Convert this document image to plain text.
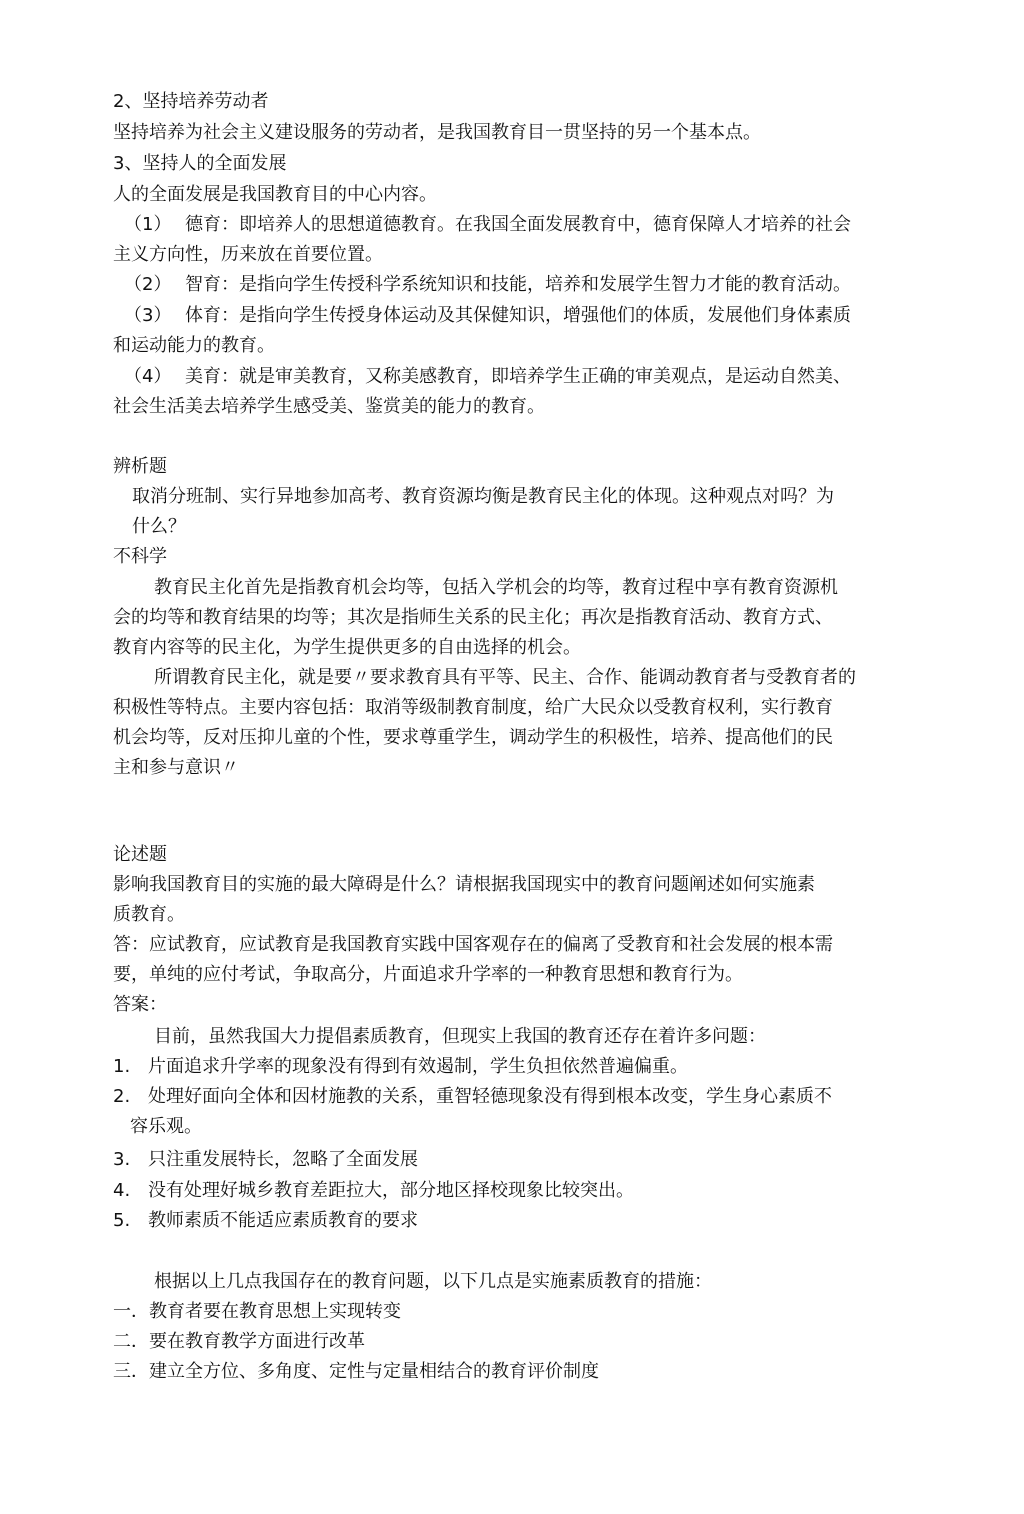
2、坚持培养劳动者
坚持培养为社会主义建设服务的劳动者，是我国教育目一贯坚持的另一个基本点。
3、坚持人的全面发展
人的全面发展是我国教育目的中心内容。
（1） 德育：即培养人的思想道德教育。在我国全面发展教育中，德育保障人才培养的社会
主义方向性，历来放在首要位置。
（2） 智育：是指向学生传授科学系统知识和技能，培养和发展学生智力才能的教育活动。
（3） 体育：是指向学生传授身体运动及其保健知识，增强他们的体质，发展他们身体素质
和运动能力的教育。
（4） 美育：就是审美教育，又称美感教育，即培养学生正确的审美观点，是运动自然美、
社会生活美去培养学生感受美、鉴赏美的能力的教育。
辨析题
取消分班制、实行异地参加高考、教育资源均衡是教育民主化的体现。这种观点对吗？为
什么？
不科学
教育民主化首先是指教育机会均等，包括入学机会的均等，教育过程中享有教育资源机
会的均等和教育结果的均等；其次是指师生关系的民主化；再次是指教育活动、教育方式、
教育内容等的民主化，为学生提供更多的自由选择的机会。
所谓教育民主化，就是要〃要求教育具有平等、民主、合作、能调动教育者与受教育者的
积极性等特点。主要内容包括：取消等级制教育制度，给广大民众以受教育权利，实行教育
机会均等，反对压抑儿童的个性，要求尊重学生，调动学生的积极性，培养、提高他们的民
主和参与意识〃
论述题
影响我国教育目的实施的最大障碍是什么？请根据我国现实中的教育问题阐述如何实施素
质教育。
答：应试教育，应试教育是我国教育实践中国客观存在的偏离了受教育和社会发展的根本需
要，单纯的应付考试，争取高分，片面追求升学率的一种教育思想和教育行为。
答案：
目前，虽然我国大力提倡素质教育，但现实上我国的教育还存在着许多问题：
1. 片面追求升学率的现象没有得到有效遏制，学生负担依然普遍偏重。
2. 处理好面向全体和因材施教的关系，重智轻德现象没有得到根本改变，学生身心素质不
容乐观。
3. 只注重发展特长，忽略了全面发展
4. 没有处理好城乡教育差距拉大，部分地区择校现象比较突出。
5. 教师素质不能适应素质教育的要求
根据以上几点我国存在的教育问题，以下几点是实施素质教育的措施：
一．教育者要在教育思想上实现转变
二．要在教育教学方面进行改革
三．建立全方位、多角度、定性与定量相结合的教育评价制度
